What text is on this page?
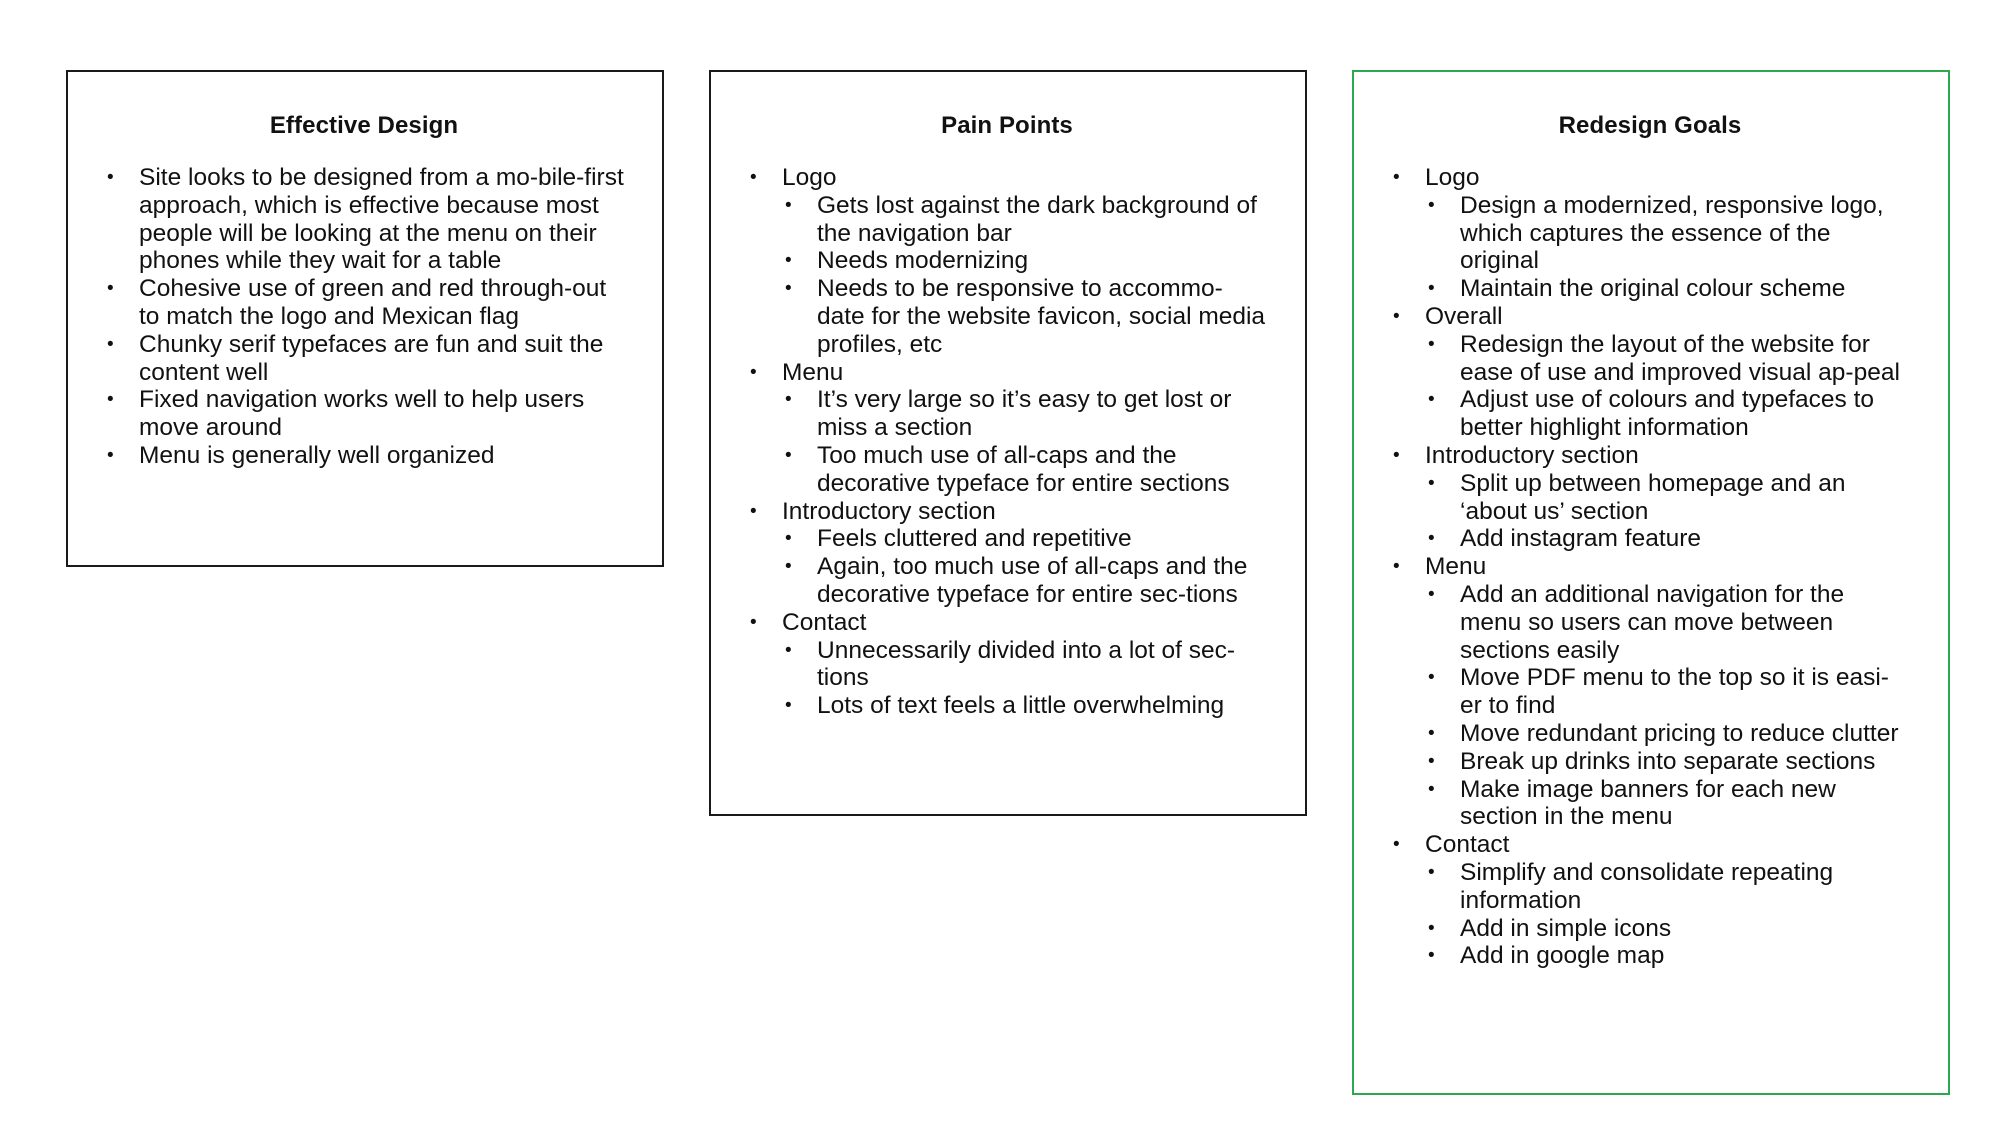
Effective Design
• Site looks to be designed from a mo-bile-first approach, which is effective because most people will be looking at the menu on their phones while they wait for a table
• Cohesive use of green and red through-out to match the logo and Mexican flag
• Chunky serif typefaces are fun and suit the content well
• Fixed navigation works well to help users move around
• Menu is generally well organized
Pain Points
• Logo
• Gets lost against the dark background of the navigation bar
• Needs modernizing
• Needs to be responsive to accommo-date for the website favicon, social media profiles, etc
• Menu
• It’s very large so it’s easy to get lost or miss a section
• Too much use of all-caps and the decorative typeface for entire sections
• Introductory section
• Feels cluttered and repetitive
• Again, too much use of all-caps and the decorative typeface for entire sec-tions
• Contact
• Unnecessarily divided into a lot of sec-tions
• Lots of text feels a little overwhelming
Redesign Goals
• Logo
• Design a modernized, responsive logo, which captures the essence of the original
• Maintain the original colour scheme
• Overall
• Redesign the layout of the website for ease of use and improved visual ap-peal
• Adjust use of colours and typefaces to better highlight information
• Introductory section
• Split up between homepage and an ‘about us’ section
• Add instagram feature
• Menu
• Add an additional navigation for the menu so users can move between sections easily
• Move PDF menu to the top so it is easi-er to find
• Move redundant pricing to reduce clutter
• Break up drinks into separate sections
• Make image banners for each new section in the menu
• Contact
• Simplify and consolidate repeating information
• Add in simple icons
• Add in google map
